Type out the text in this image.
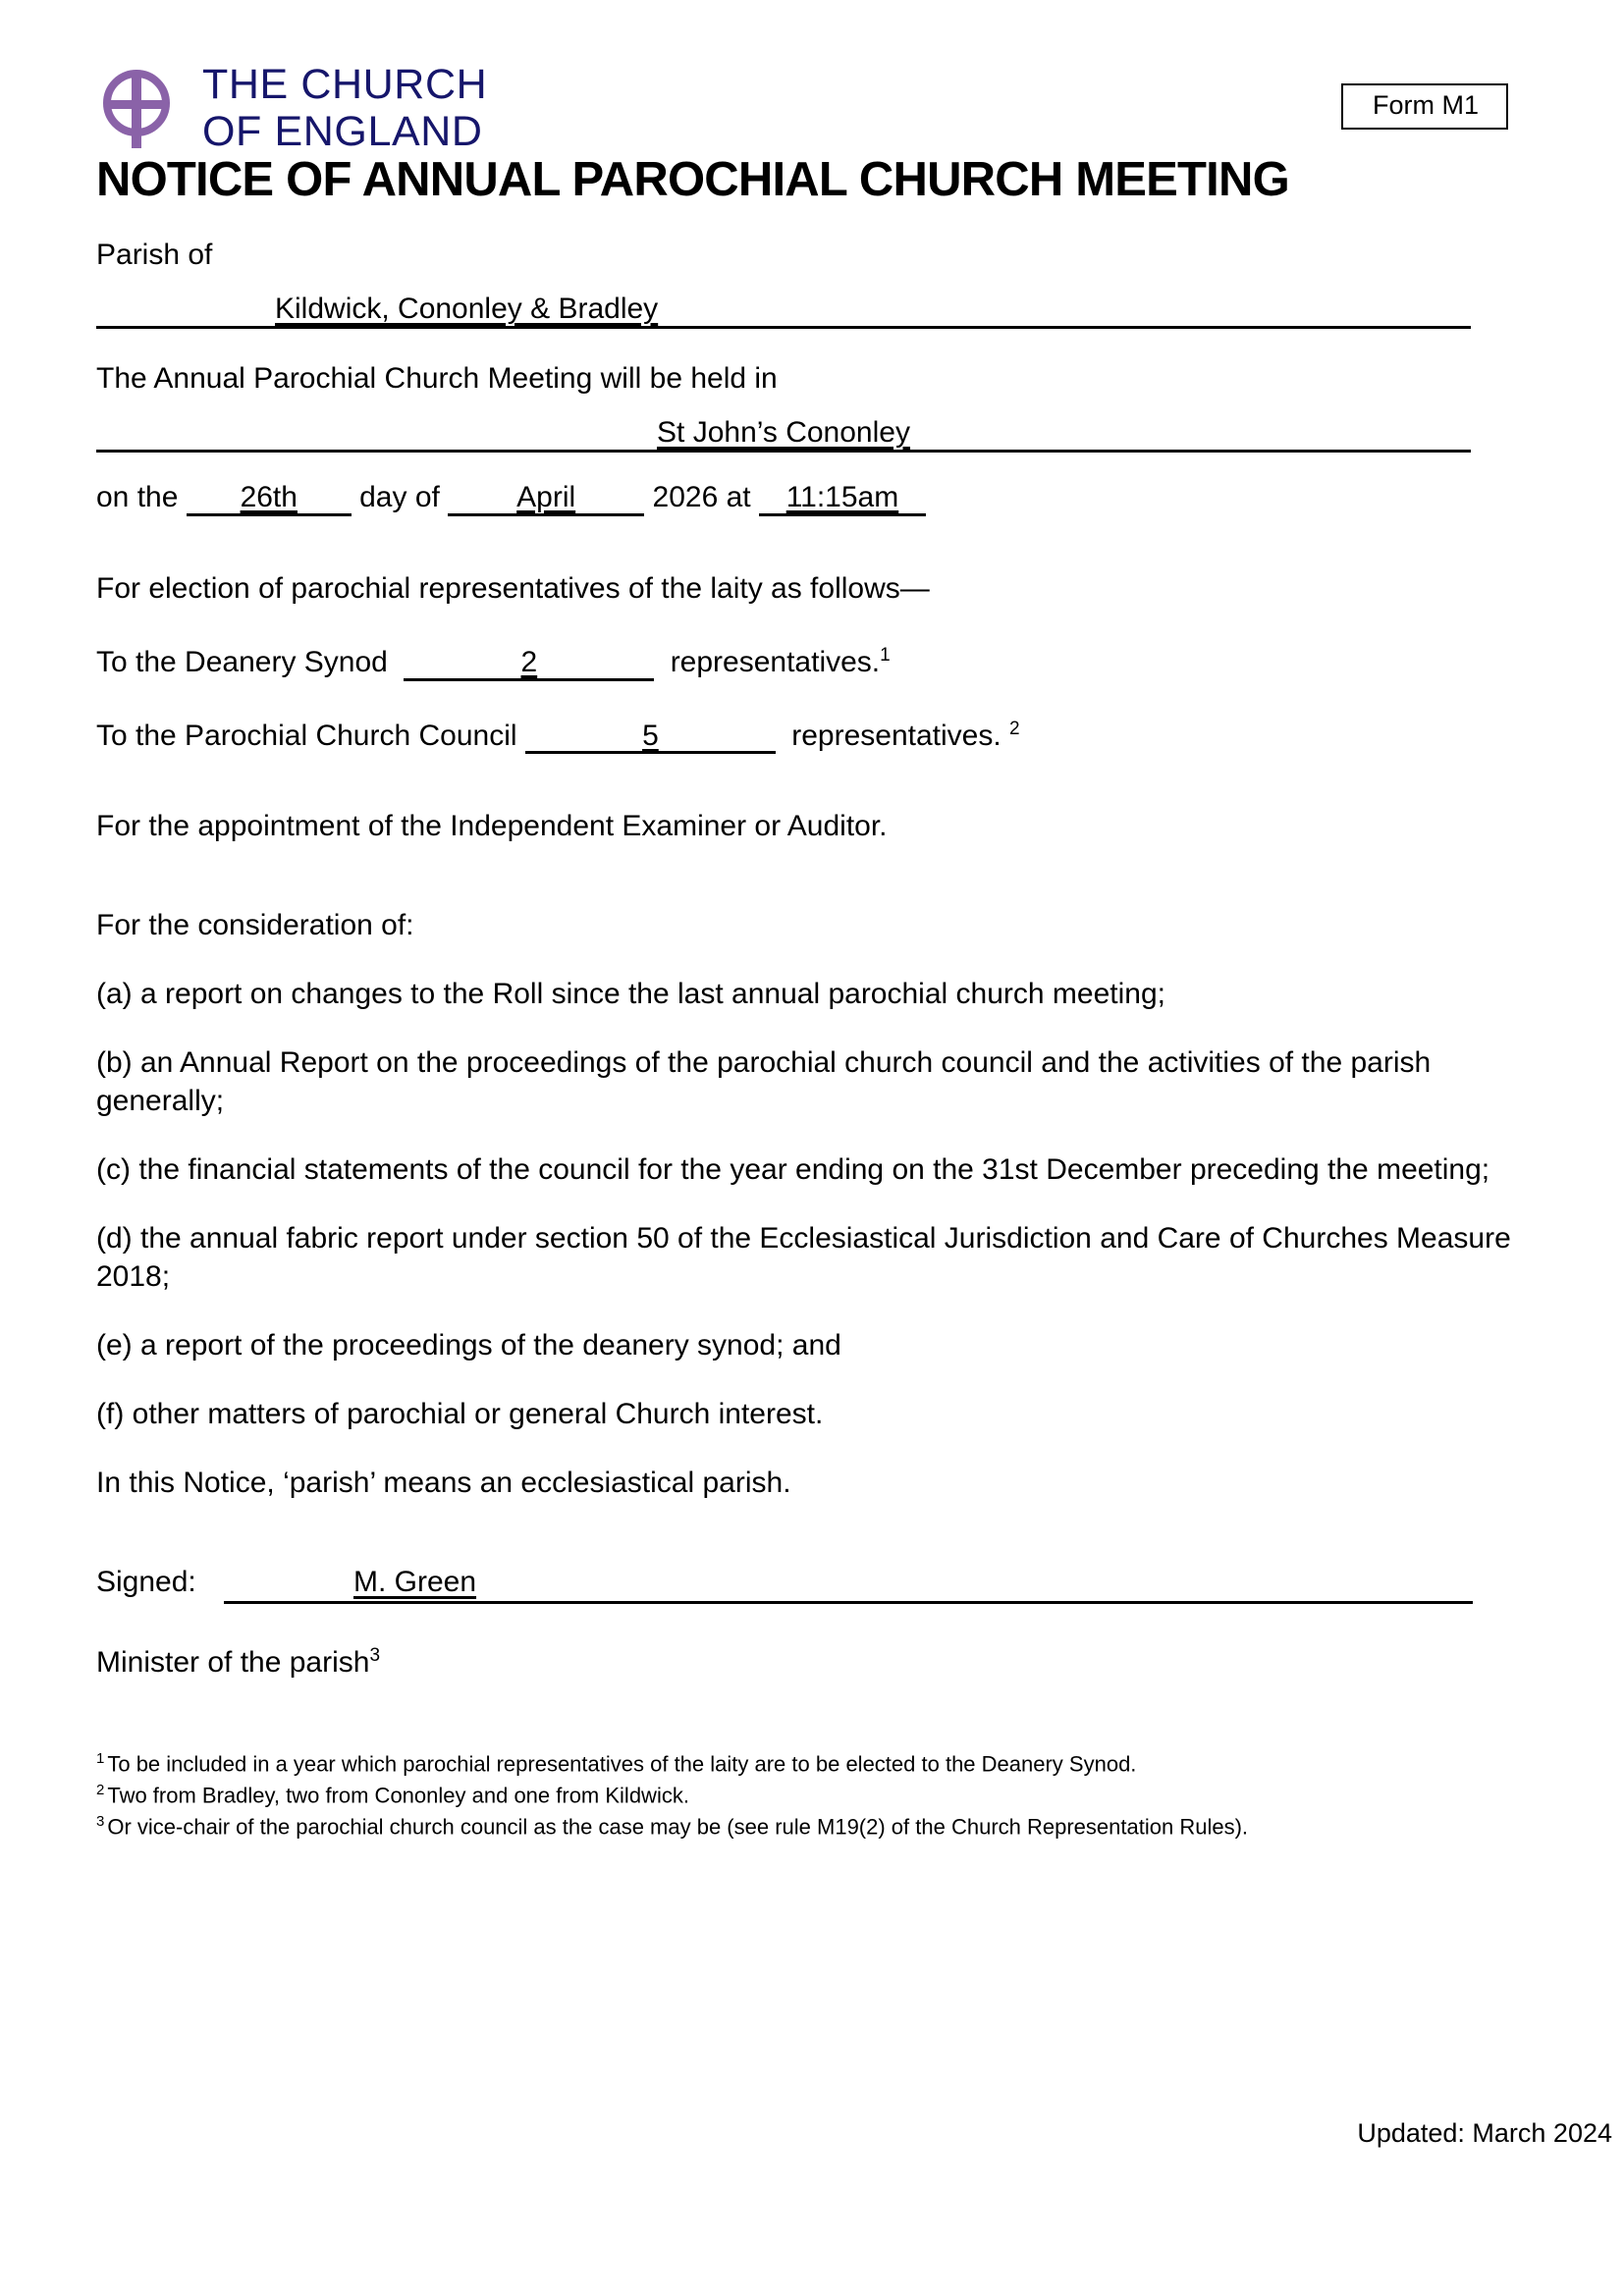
THE CHURCH
OF ENGLAND
Form M1
NOTICE OF ANNUAL PAROCHIAL CHURCH MEETING
Parish of
Kildwick, Cononley & Bradley
The Annual Parochial Church Meeting will be held in
St John’s Cononley
on the 26th day of	April	2026 at 11:15am
For election of parochial representatives of the laity as follows—
To the Deanery Synod	2	representatives.$^1$
To the Parochial Church Council	5	representatives. $^2$
For the appointment of the Independent Examiner or Auditor.
For the consideration of:
(a) a report on changes to the Roll since the last annual parochial church meeting;
(b) an Annual Report on the proceedings of the parochial church council and the activities of the parish generally;
(c) the financial statements of the council for the year ending on the 31st December preceding the meeting;
(d) the annual fabric report under section 50 of the Ecclesiastical Jurisdiction and Care of Churches Measure 2018;
(e) a report of the proceedings of the deanery synod; and
(f) other matters of parochial or general Church interest.
In this Notice, ‘parish’ means an ecclesiastical parish.
Signed:	M. Green
Minister of the parish$^3$

$^1$ To be included in a year which parochial representatives of the laity are to be elected to the Deanery Synod.

$^2$ Two from Bradley, two from Cononley and one from Kildwick.

$^3$ Or vice-chair of the parochial church council as the case may be (see rule M19(2) of the Church Representation Rules).

Updated: March 2024
